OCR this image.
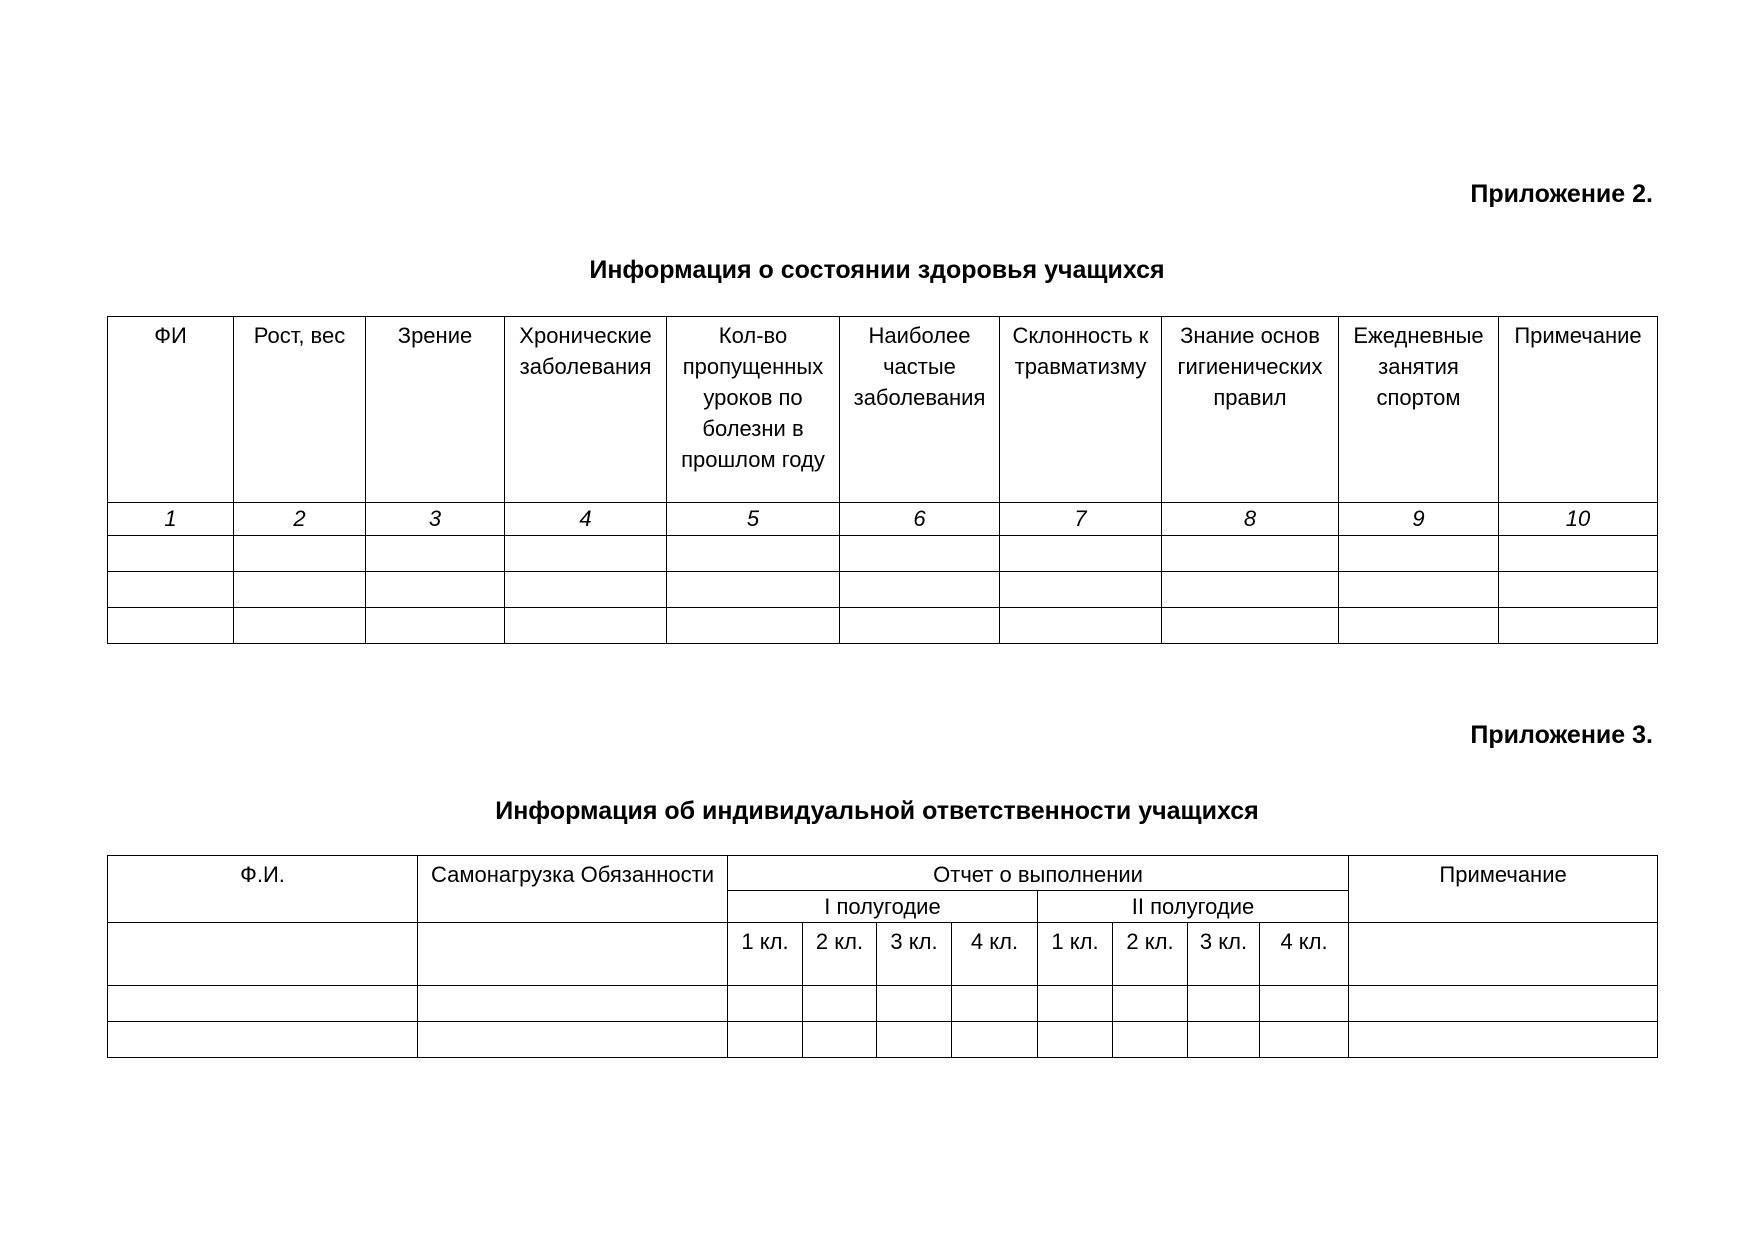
Приложение 2.
Информация о состоянии здоровья учащихся
ФИ	Рост, вес	Зрение	Хронические заболевания	Кол-во пропущенных уроков по болезни в прошлом году	Наиболее частые заболевания	Склонность к травматизму	Знание основ гигиенических правил	Ежедневные занятия спортом	Примечание
1	2	3	4	5	6	7	8	9	10

Приложение 3.
Информация об индивидуальной ответственности учащихся
Ф.И.	Самонагрузка Обязанности	Отчет о выполнении								Примечание
		I полугодие				II полугодие				
		1 кл.	2 кл.	3 кл.	4 кл.	1 кл.	2 кл.	3 кл.	4 кл.	
